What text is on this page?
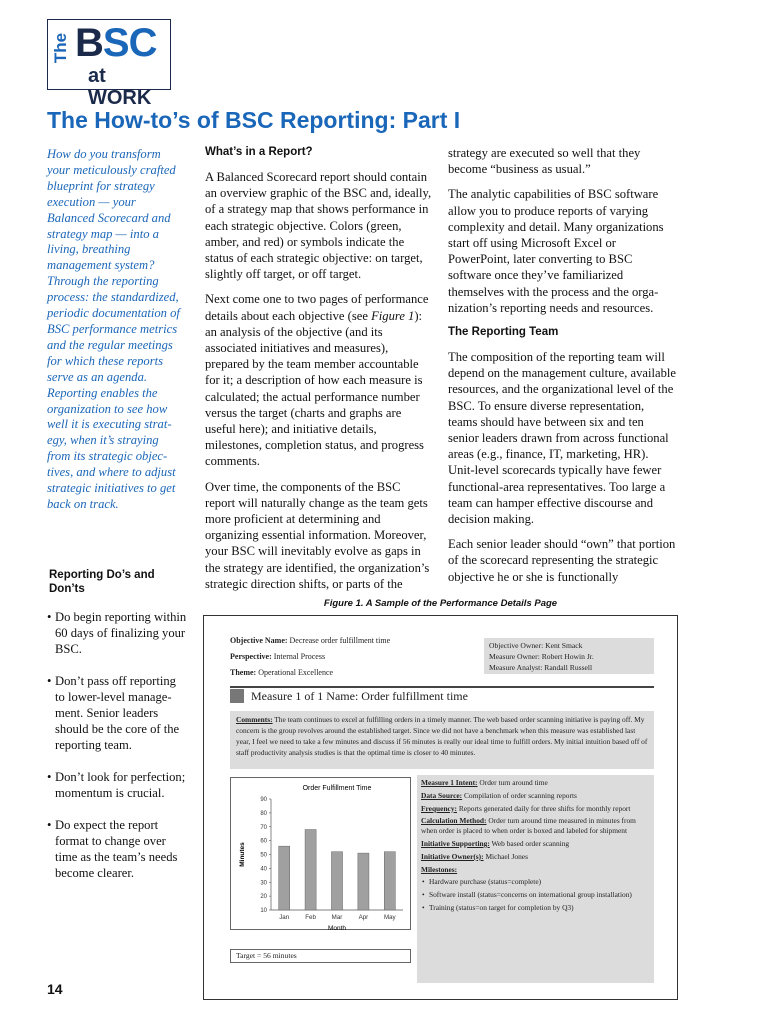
The BSC
at WORK
The How-to’s of BSC Reporting: Part I

How do you transform your meticulously crafted blueprint for strategy execution — your Balanced Scorecard and strategy map — into a living, breathing management system? Through the reporting process: the standardized, periodic documentation of BSC performance metrics and the regular meetings for which these reports serve as an agenda. Reporting enables the organization to see how well it is executing strategy, when it’s straying from its strategic objectives, and where to adjust strategic initiatives to get back on track.

Reporting Do’s and Don’ts
• Do begin reporting within 60 days of finalizing your BSC.
• Don’t pass off reporting to lower-level management. Senior leaders should be the core of the reporting team.
• Don’t look for perfection; momentum is crucial.
• Do expect the report format to change over time as the team’s needs become clearer.
14
What’s in a Report?

A Balanced Scorecard report should contain an overview graphic of the BSC and, ideally, of a strategy map that shows performance in each strategic objective. Colors (green, amber, and red) or symbols indicate the status of each strategic objective: on target, slightly off target, or off target.

Next come one to two pages of performance details about each objective (see Figure 1): an analysis of the objective (and its associated initiatives and measures), prepared by the team member accountable for it; a description of how each measure is calculated; the actual performance number versus the target (charts and graphs are useful here); and initiative details, milestones, completion status, and progress comments.

Over time, the components of the BSC report will naturally change as the team gets more proficient at determining and organizing essential information. Moreover, your BSC will inevitably evolve as gaps in the strategy are identified, the organization’s strategic direction shifts, or parts of the

strategy are executed so well that they become “business as usual.”

The analytic capabilities of BSC software allow you to produce reports of varying complexity and detail. Many organizations start off using Microsoft Excel or PowerPoint, later converting to BSC software once they’ve familiarized themselves with the process and the organization’s reporting needs and resources.

The Reporting Team

The composition of the reporting team will depend on the management culture, available resources, and the organizational level of the BSC. To ensure diverse representation, teams should have between six and ten senior leaders drawn from across functional areas (e.g., finance, IT, marketing, HR). Unit-level scorecards typically have fewer functional-area representatives. Too large a team can hamper effective discourse and decision making.

Each senior leader should “own” that portion of the scorecard representing the strategic objective he or she is functionally

Figure 1. A Sample of the Performance Details Page
Objective Name: Decrease order fulfillment time
Perspective: Internal Process
Theme: Operational Excellence
Objective Owner: Kent Smack
Measure Owner: Robert Howin Jr.
Measure Analyst: Randall Russell
Measure 1 of 1 Name: Order fulfillment time
Comments: The team continues to excel at fulfilling orders in a timely manner. The web based order scanning initiative is paying off. My concern is the group revolves around the established target. Since we did not have a benchmark when this measure was established last year, I feel we need to take a few minutes and discuss if 56 minutes is really our ideal time to fulfill orders. My initial intuition based off of staff productivity analysis studies is that the optimal time is closer to 40 minutes.
Order Fulfillment Time
10
20
30
40
50
60
70
80
90
Jan	Feb	Mar	Apr	May
Month
Minutes
Target = 56 minutes
Measure 1 Intent: Order turn around time
Data Source: Compilation of order scanning reports
Frequency: Reports generated daily for three shifts for monthly report
Calculation Method: Order turn around time measured in minutes from when order is placed to when order is boxed and labeled for shipment
Initiative Supporting: Web based order scanning
Initiative Owner(s): Michael Jones
Milestones:
• Hardware purchase (status=complete)
• Software install (status=concerns on international group installation)
• Training (status=on target for completion by Q3)
